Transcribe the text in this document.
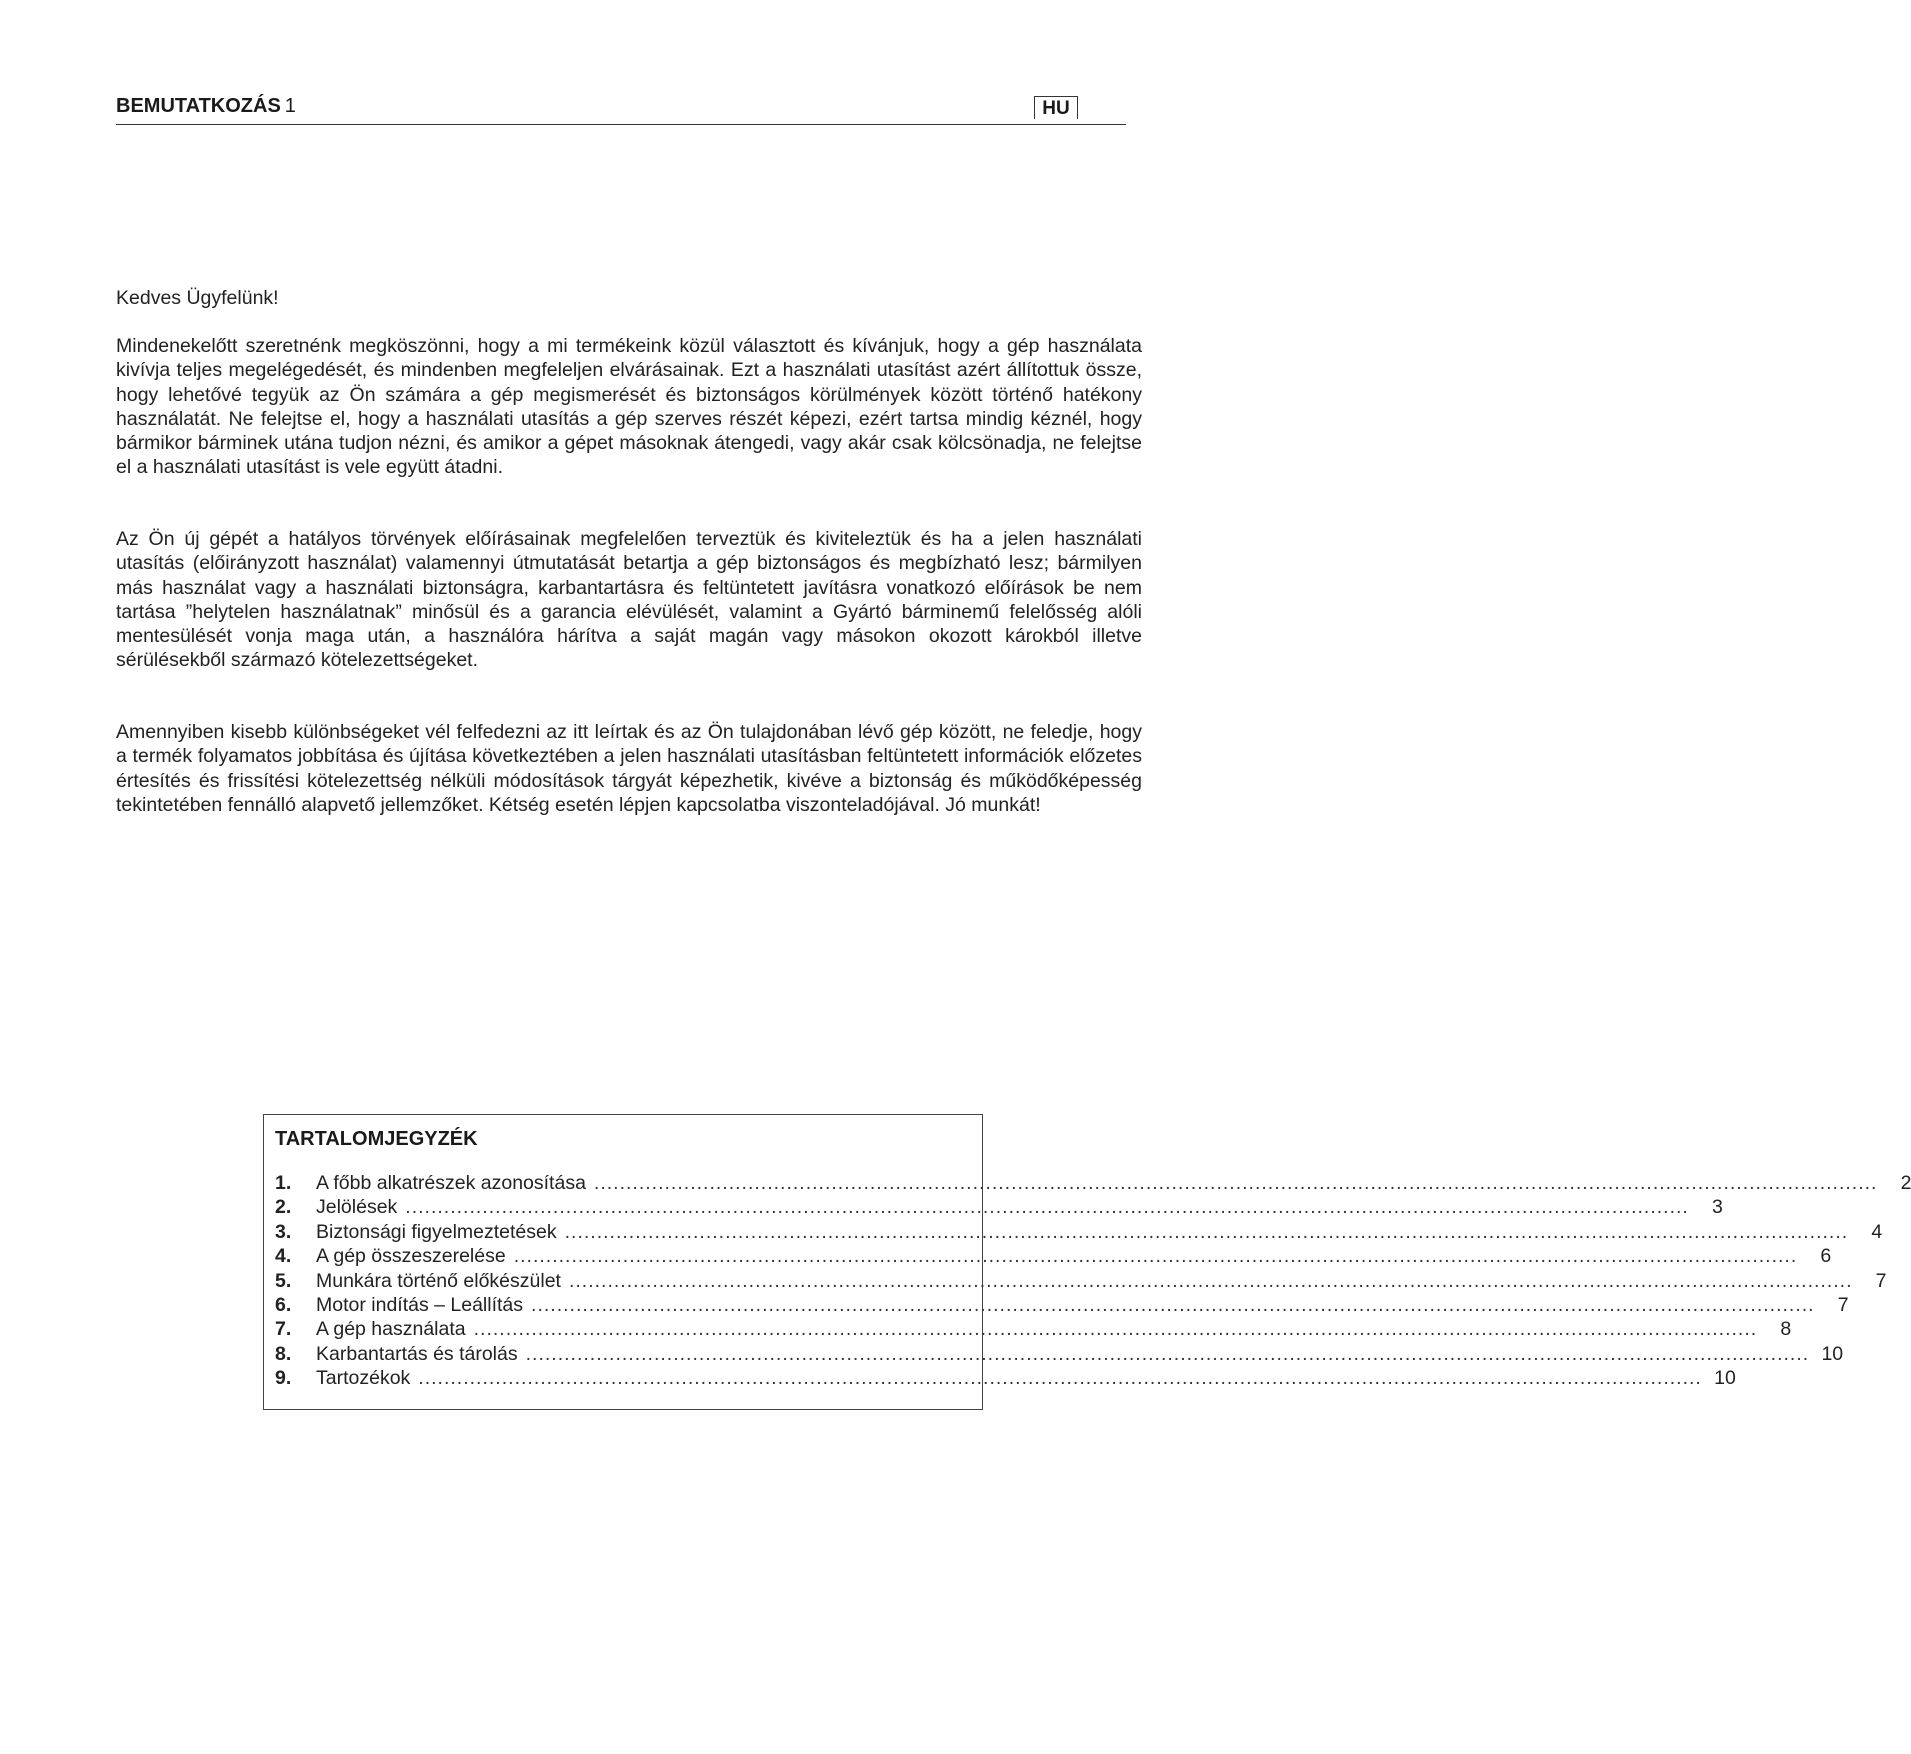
BEMUTATKOZÁS 1	HU
Kedves Ügyfelünk!
Mindenekelőtt szeretnénk megköszönni, hogy a mi termékeink közül választott és kívánjuk, hogy a gép használata kivívja teljes megelégedését, és mindenben megfeleljen elvárásainak. Ezt a használati utasítást azért állítottuk össze, hogy lehetővé tegyük az Ön számára a gép megismerését és biztonságos körülmények között történő hatékony használatát. Ne felejtse el, hogy a használati utasítás a gép szerves részét képezi, ezért tartsa mindig kéznél, hogy bármikor bárminek utána tudjon nézni, és amikor a gépet másoknak átengedi, vagy akár csak kölcsönadja, ne felejtse el a használati utasítást is vele együtt átadni.
Az Ön új gépét a hatályos törvények előírásainak megfelelően terveztük és kiviteleztük és ha a jelen használati utasítás (előirányzott használat) valamennyi útmutatását betartja a gép biztonságos és megbízható lesz; bármilyen más használat vagy a használati biztonságra, karbantartásra és feltüntetett javításra vonatkozó előírások be nem tartása ”helytelen használatnak” minősül és a garancia elévülését, valamint a Gyártó bárminemű felelősség alóli mentesülését vonja maga után, a használóra hárítva a saját magán vagy másokon okozott károkból illetve sérülésekből származó kötelezettségeket.
Amennyiben kisebb különbségeket vél felfedezni az itt leírtak és az Ön tulajdonában lévő gép között, ne feledje, hogy a termék folyamatos jobbítása és újítása következtében a jelen használati utasításban feltüntetett információk előzetes értesítés és frissítési kötelezettség nélküli módosítások tárgyát képezhetik, kivéve a biztonság és működőképesség tekintetében fennálló alapvető jellemzőket. Kétség esetén lépjen kapcsolatba viszonteladójával. Jó munkát!
TARTALOMJEGYZÉK
1.	A főbb alkatrészek azonosítása ........................................................................................................................................................................................................	2
2.	Jelölések ........................................................................................................................................................................................................	3
3.	Biztonsági figyelmeztetések ........................................................................................................................................................................................................	4
4.	A gép összeszerelése ........................................................................................................................................................................................................	6
5.	Munkára történő előkészület ........................................................................................................................................................................................................	7
6.	Motor indítás – Leállítás ........................................................................................................................................................................................................	7
7.	A gép használata ........................................................................................................................................................................................................	8
8.	Karbantartás és tárolás ........................................................................................................................................................................................................ 10
9.	Tartozékok ........................................................................................................................................................................................................ 10
